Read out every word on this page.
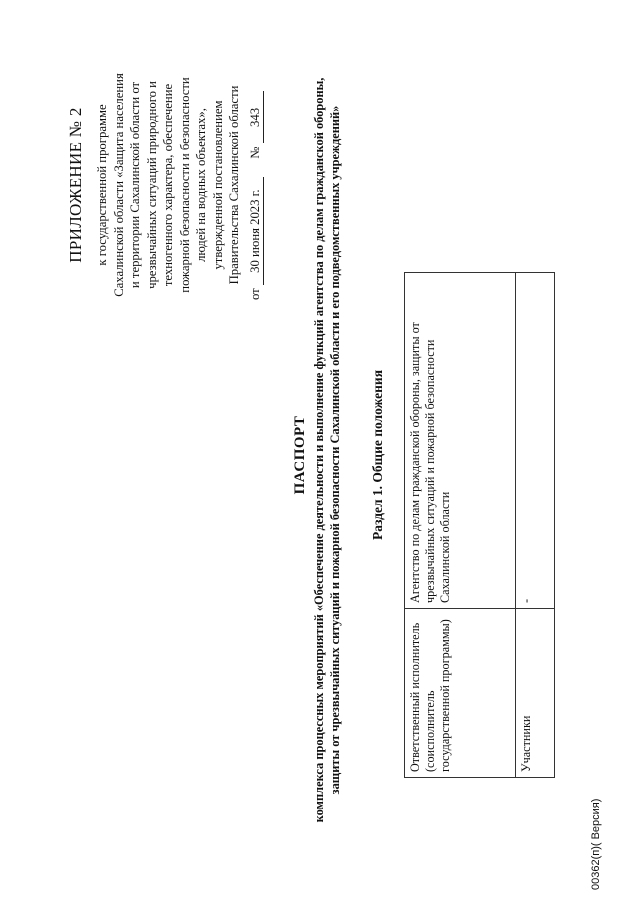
ПРИЛОЖЕНИЕ № 2 к государственной программе Сахалинской области «Защита населения и территории Сахалинской области от чрезвычайных ситуаций природного и техногенного характера, обеспечение пожарной безопасности и безопасности людей на водных объектах», утвержденной постановлением Правительства Сахалинской области
от 30 июня 2023 г.  № 343
ПАСПОРТ комплекса процессных мероприятий «Обеспечение деятельности и выполнение функций агентства по делам гражданской обороны, защиты от чрезвычайных ситуаций и пожарной безопасности Сахалинской области и его подведомственных учреждений» Раздел 1. Общие положения
Ответственный исполнитель (соисполнитель государственной программы)	Агентство по делам гражданской обороны, защиты от чрезвычайных ситуаций и пожарной безопасности Сахалинской области
Участники	-
00362(п)( Версия)
